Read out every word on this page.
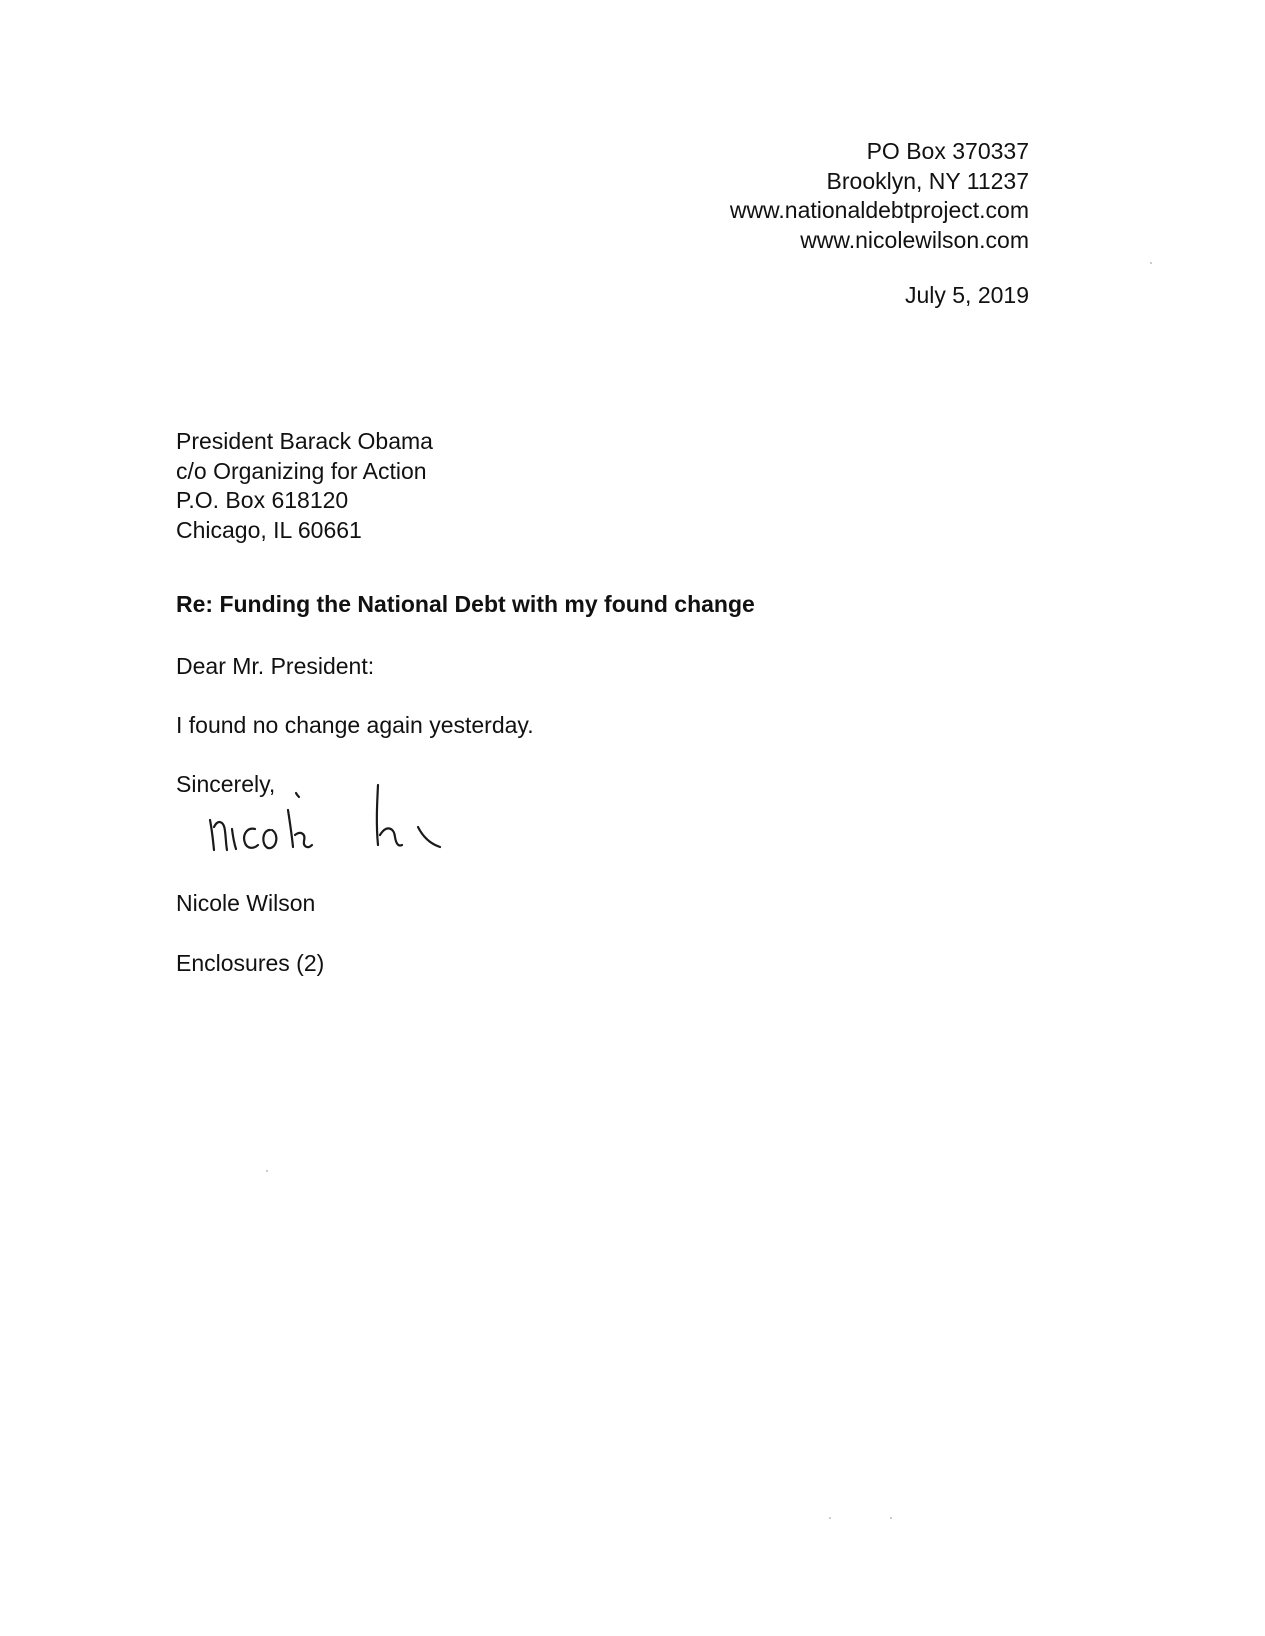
PO Box 370337
Brooklyn, NY 11237
www.nationaldebtproject.com
www.nicolewilson.com
July 5, 2019
President Barack Obama
c/o Organizing for Action
P.O. Box 618120
Chicago, IL 60661
Re: Funding the National Debt with my found change
Dear Mr. President:
I found no change again yesterday.
Sincerely,
Nicole Wilson
Enclosures (2)
